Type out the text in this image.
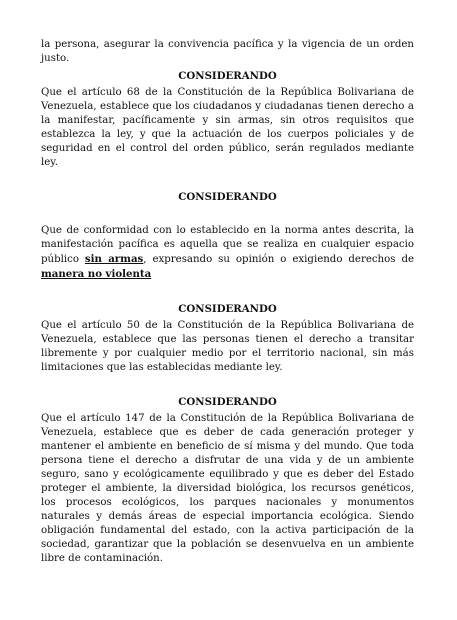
la persona, asegurar la convivencia pacífica y la vigencia de un orden justo.

CONSIDERANDO

Que el artículo 68 de la Constitución de la República Bolivariana de Venezuela, establece que los ciudadanos y ciudadanas tienen derecho a la manifestar, pacíficamente y sin armas, sin otros requisitos que establezca la ley, y que la actuación de los cuerpos policiales y de seguridad en el control del orden público, serán regulados mediante ley.

CONSIDERANDO

Que de conformidad con lo establecido en la norma antes descrita, la manifestación pacífica es aquella que se realiza en cualquier espacio público sin armas, expresando su opinión o exigiendo derechos de manera no violenta

CONSIDERANDO

Que el artículo 50 de la Constitución de la República Bolivariana de Venezuela, establece que las personas tienen el derecho a transitar libremente y por cualquier medio por el territorio nacional, sin más limitaciones que las establecidas mediante ley.

CONSIDERANDO

Que el artículo 147 de la Constitución de la República Bolivariana de Venezuela, establece que es deber de cada generación proteger y mantener el ambiente en beneficio de sí misma y del mundo. Que toda persona tiene el derecho a disfrutar de una vida y de un ambiente seguro, sano y ecológicamente equilibrado y que es deber del Estado proteger el ambiente, la diversidad biológica, los recursos genéticos, los procesos ecológicos, los parques nacionales y monumentos naturales y demás áreas de especial importancia ecológica. Siendo obligación fundamental del estado, con la activa participación de la sociedad, garantizar que la población se desenvuelva en un ambiente libre de contaminación.
